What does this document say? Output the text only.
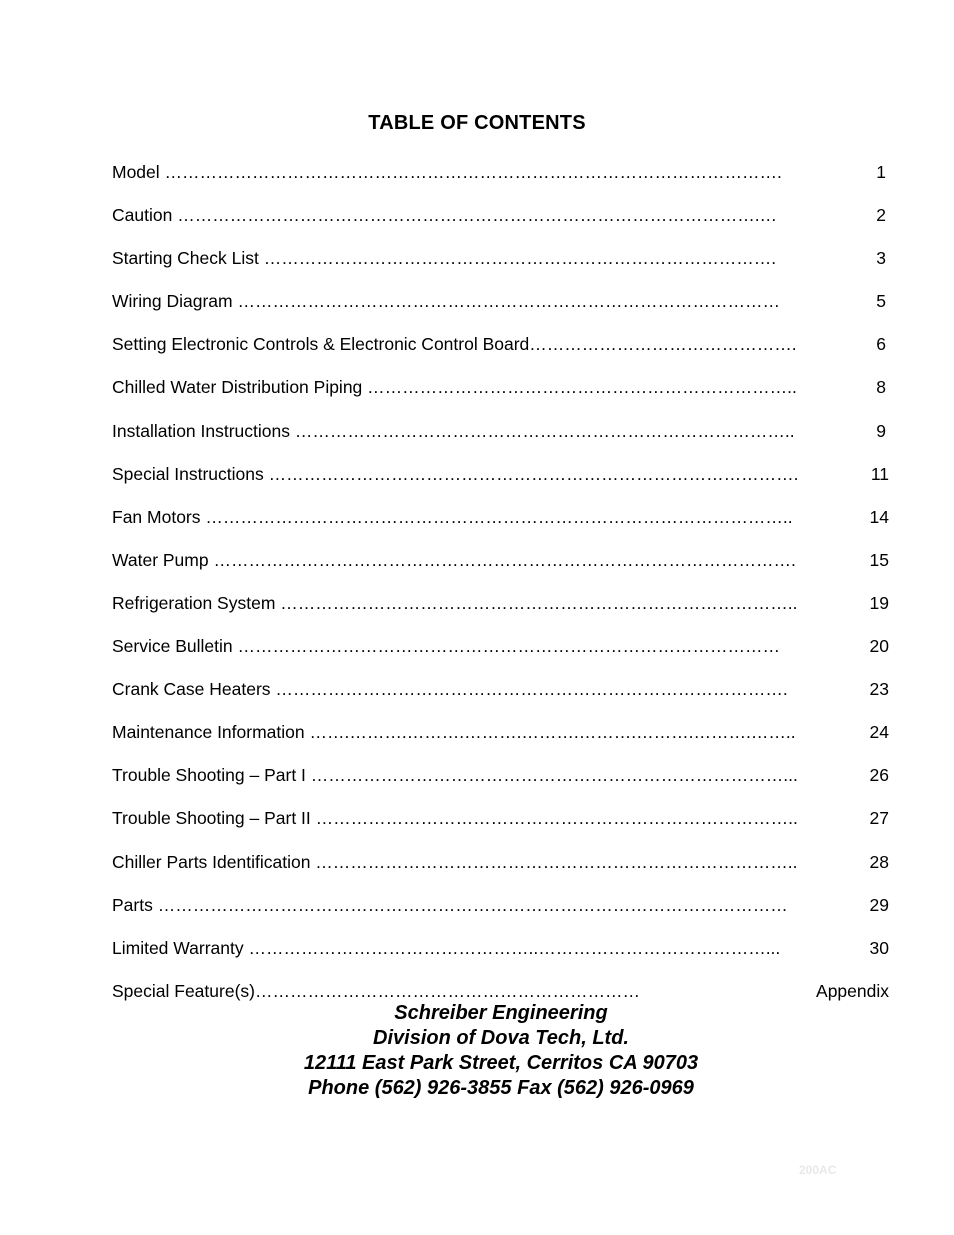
TABLE OF CONTENTS
Model …………………………………………………………………………………………….	1
Caution ……………………………………………………………………………………….…	2
Starting Check List …………………………………………………………………………….	3
Wiring Diagram …………………………………………………………………………………	5
Setting Electronic Controls & Electronic Control Board……………………………………….	6
Chilled Water Distribution Piping ………………………………………………………………..	8
Installation Instructions …………………………………………………………………………..	9
Special Instructions ……………………………………………………………………………….	11
Fan Motors ………………………………………………………………………………………..	14
Water Pump ……………………………………………………………………………………….	15
Refrigeration System ……………………………………………………………………………..	19
Service Bulletin …………………………………………………………………………………	20
Crank Case Heaters …………………………………………………………………………….	23
Maintenance Information …….……….……….……….……….……….……….……….……..	24
Trouble Shooting – Part I ………………………………………………………………………...	26
Trouble Shooting – Part II ………………………………………………………………………..	27
Chiller Parts Identification ………………………………………………………………………..	28
Parts ………………………………………………………………………………………………	29
Limited Warranty …………………………………………..…………………………………...	30
Special Feature(s)…………………………………………………………	Appendix
Schreiber Engineering
Division of Dova Tech, Ltd.
12111 East Park Street, Cerritos CA 90703
Phone (562) 926-3855 Fax (562) 926-0969
200AC
